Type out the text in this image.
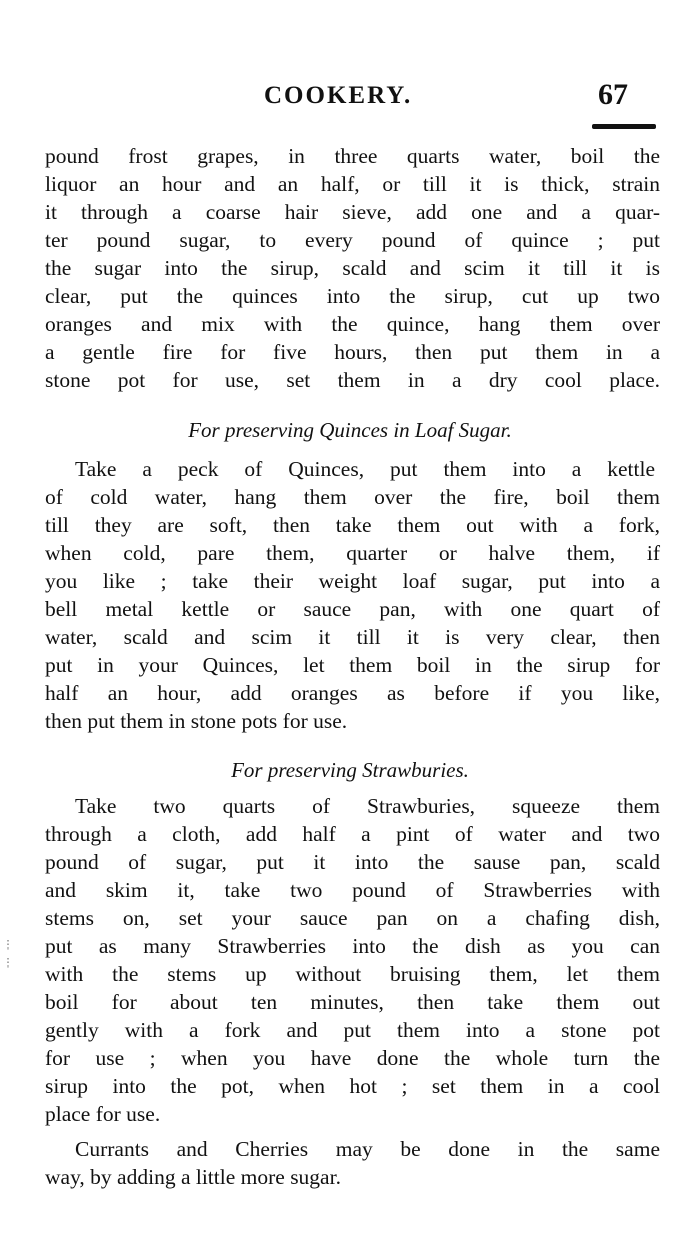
COOKERY.	67
pound frost grapes, in three quarts water, boil the
liquor an hour and an half, or till it is thick, strain
it through a coarse hair sieve, add one and a quar-
ter pound sugar, to every pound of quince ; put
the sugar into the sirup, scald and scim it till it is
clear, put the quinces into the sirup, cut up two
oranges and mix with the quince, hang them over
a gentle fire for five hours, then put them in a
stone pot for use, set them in a dry cool place.
For preserving Quinces in Loaf Sugar.
Take a peck of Quinces, put them into a kettle
of cold water, hang them over the fire, boil them
till they are soft, then take them out with a fork,
when cold, pare them, quarter or halve them, if
you like ; take their weight loaf sugar, put into a
bell metal kettle or sauce pan, with one quart of
water, scald and scim it till it is very clear, then
put in your Quinces, let them boil in the sirup for
half an hour, add oranges as before if you like,
then put them in stone pots for use.
For preserving Strawburies.
Take two quarts of Strawburies, squeeze them
through a cloth, add half a pint of water and two
pound of sugar, put it into the sause pan, scald
and skim it, take two pound of Strawberries with
stems on, set your sauce pan on a chafing dish,
put as many Strawberries into the dish as you can
with the stems up without bruising them, let them
boil for about ten minutes, then take them out
gently with a fork and put them into a stone pot
for use ; when you have done the whole turn the
sirup into the pot, when hot ; set them in a cool
place for use.
Currants and Cherries may be done in the same
way, by adding a little more sugar.
:
'
:
'
